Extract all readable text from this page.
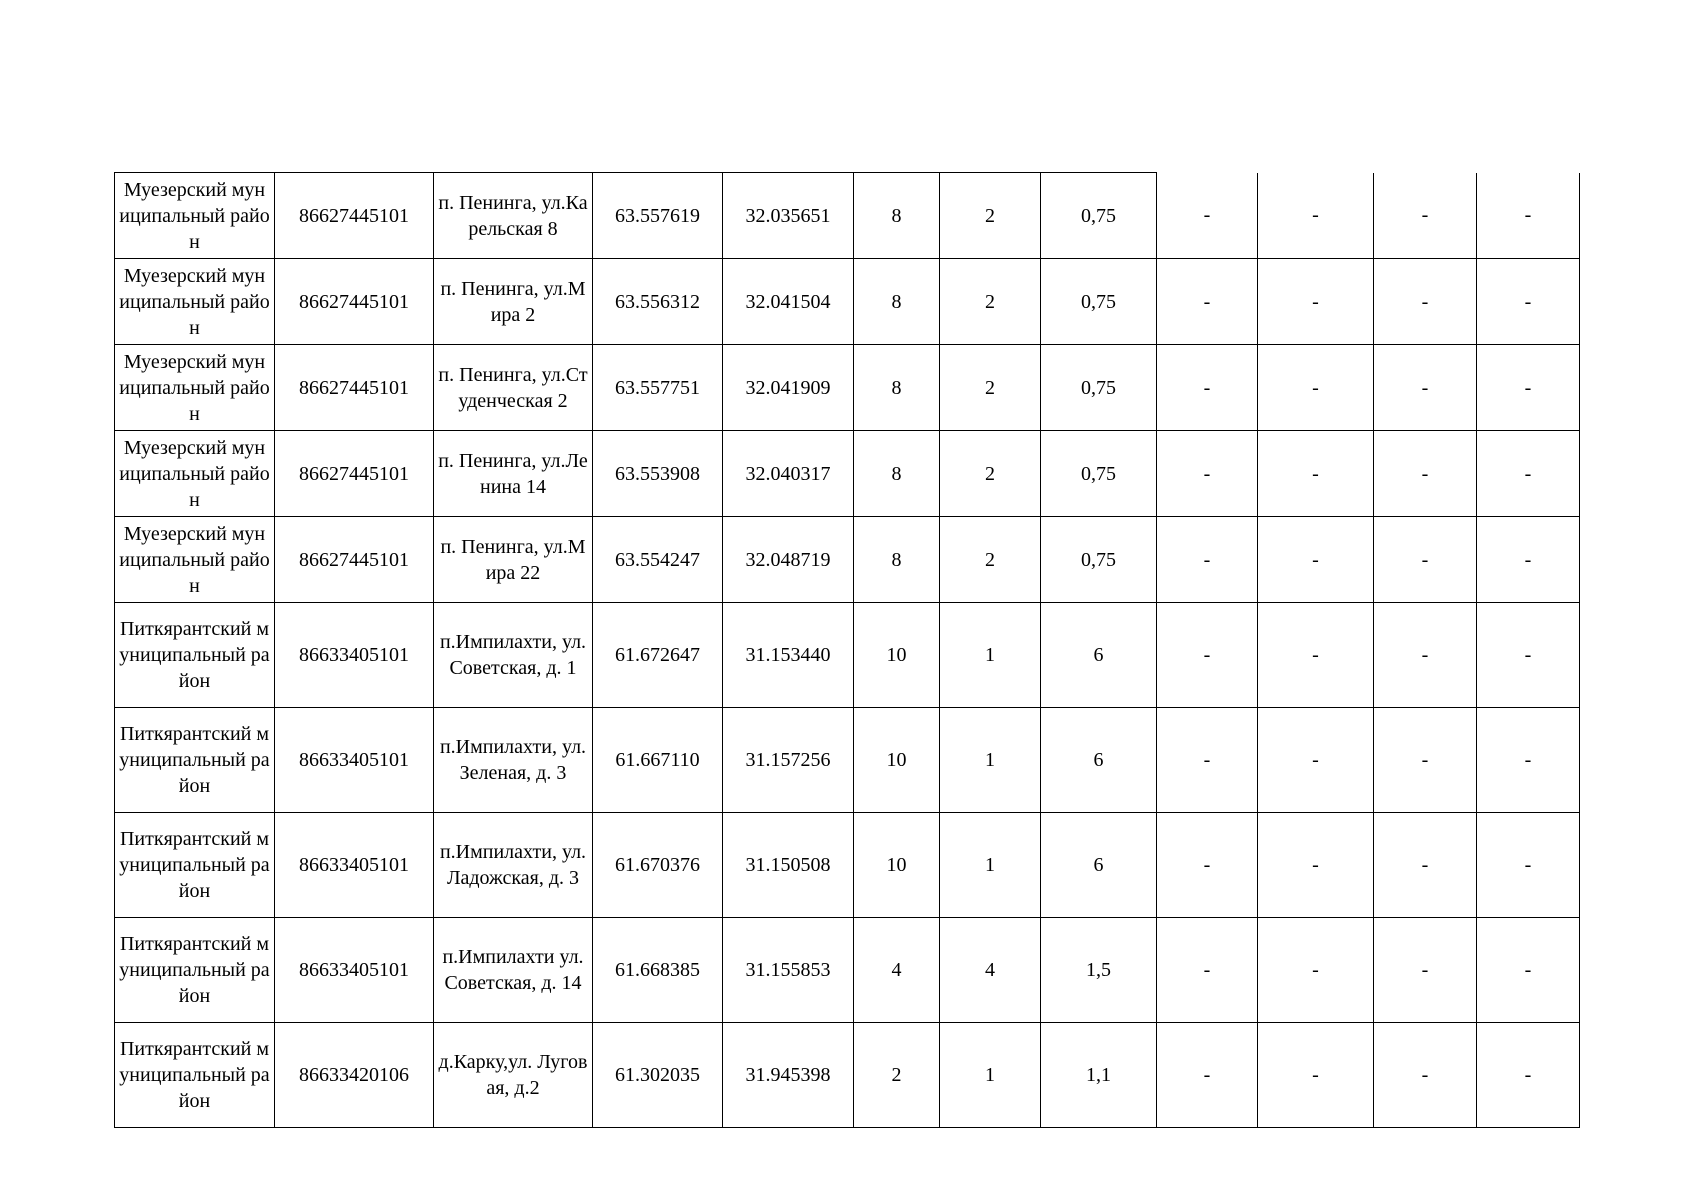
Муезерский муниципальный район	86627445101	п. Пенинга, ул.Карельская 8	63.557619	32.035651	8	2	0,75	-	-	-	-
Муезерский муниципальный район	86627445101	п. Пенинга, ул.Мира 2	63.556312	32.041504	8	2	0,75	-	-	-	-
Муезерский муниципальный район	86627445101	п. Пенинга, ул.Студенческая 2	63.557751	32.041909	8	2	0,75	-	-	-	-
Муезерский муниципальный район	86627445101	п. Пенинга, ул.Ленина 14	63.553908	32.040317	8	2	0,75	-	-	-	-
Муезерский муниципальный район	86627445101	п. Пенинга, ул.Мира 22	63.554247	32.048719	8	2	0,75	-	-	-	-
Питкярантский муниципальный район	86633405101	п.Импилахти, ул. Советская, д. 1	61.672647	31.153440	10	1	6	-	-	-	-
Питкярантский муниципальный район	86633405101	п.Импилахти, ул. Зеленая, д. 3	61.667110	31.157256	10	1	6	-	-	-	-
Питкярантский муниципальный район	86633405101	п.Импилахти, ул. Ладожская, д. 3	61.670376	31.150508	10	1	6	-	-	-	-
Питкярантский муниципальный район	86633405101	п.Импилахти ул. Советская, д. 14	61.668385	31.155853	4	4	1,5	-	-	-	-
Питкярантский муниципальный район	86633420106	д.Карку,ул. Луговая, д.2	61.302035	31.945398	2	1	1,1	-	-	-	-
